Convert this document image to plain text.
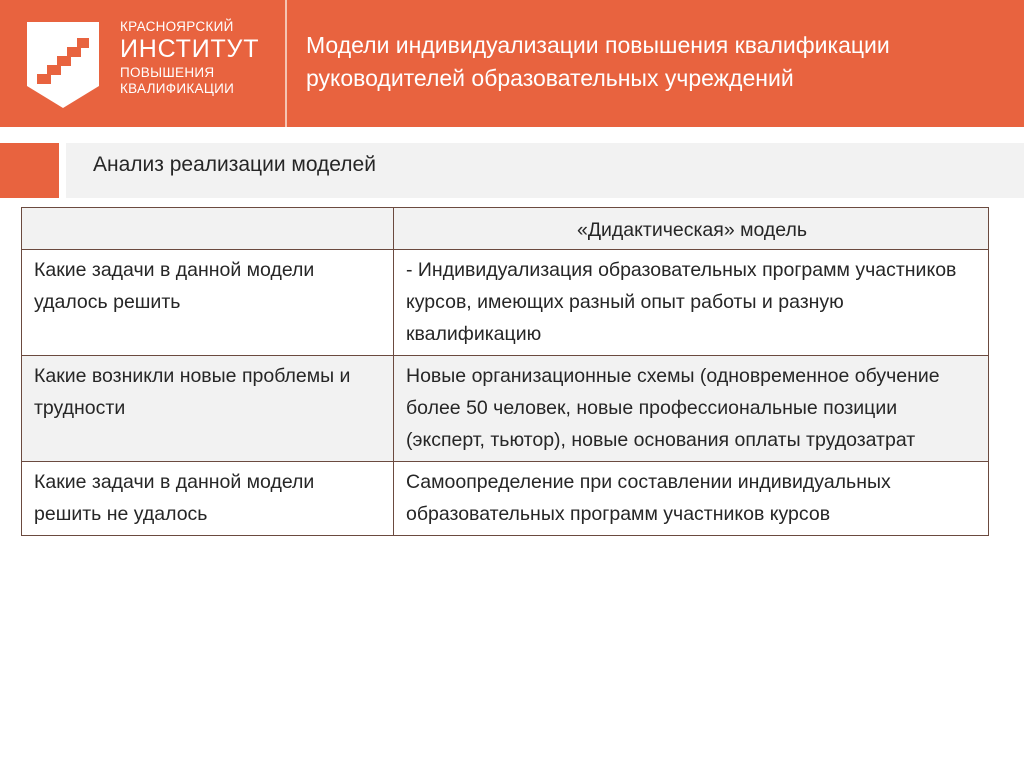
КРАСНОЯРСКИЙ
ИНСТИТУТ
ПОВЫШЕНИЯ
КВАЛИФИКАЦИИ
Модели индивидуализации повышения квалификации руководителей образовательных учреждений
Анализ реализации моделей
	«Дидактическая» модель
Какие задачи в данной модели удалось решить	- Индивидуализация образовательных программ участников курсов, имеющих разный опыт работы и разную квалификацию
Какие возникли новые проблемы и трудности	Новые организационные схемы (одновременное обучение более 50 человек, новые профессиональные позиции (эксперт, тьютор), новые основания оплаты трудозатрат
Какие задачи в данной модели решить не удалось	Самоопределение при составлении индивидуальных образовательных программ участников курсов
